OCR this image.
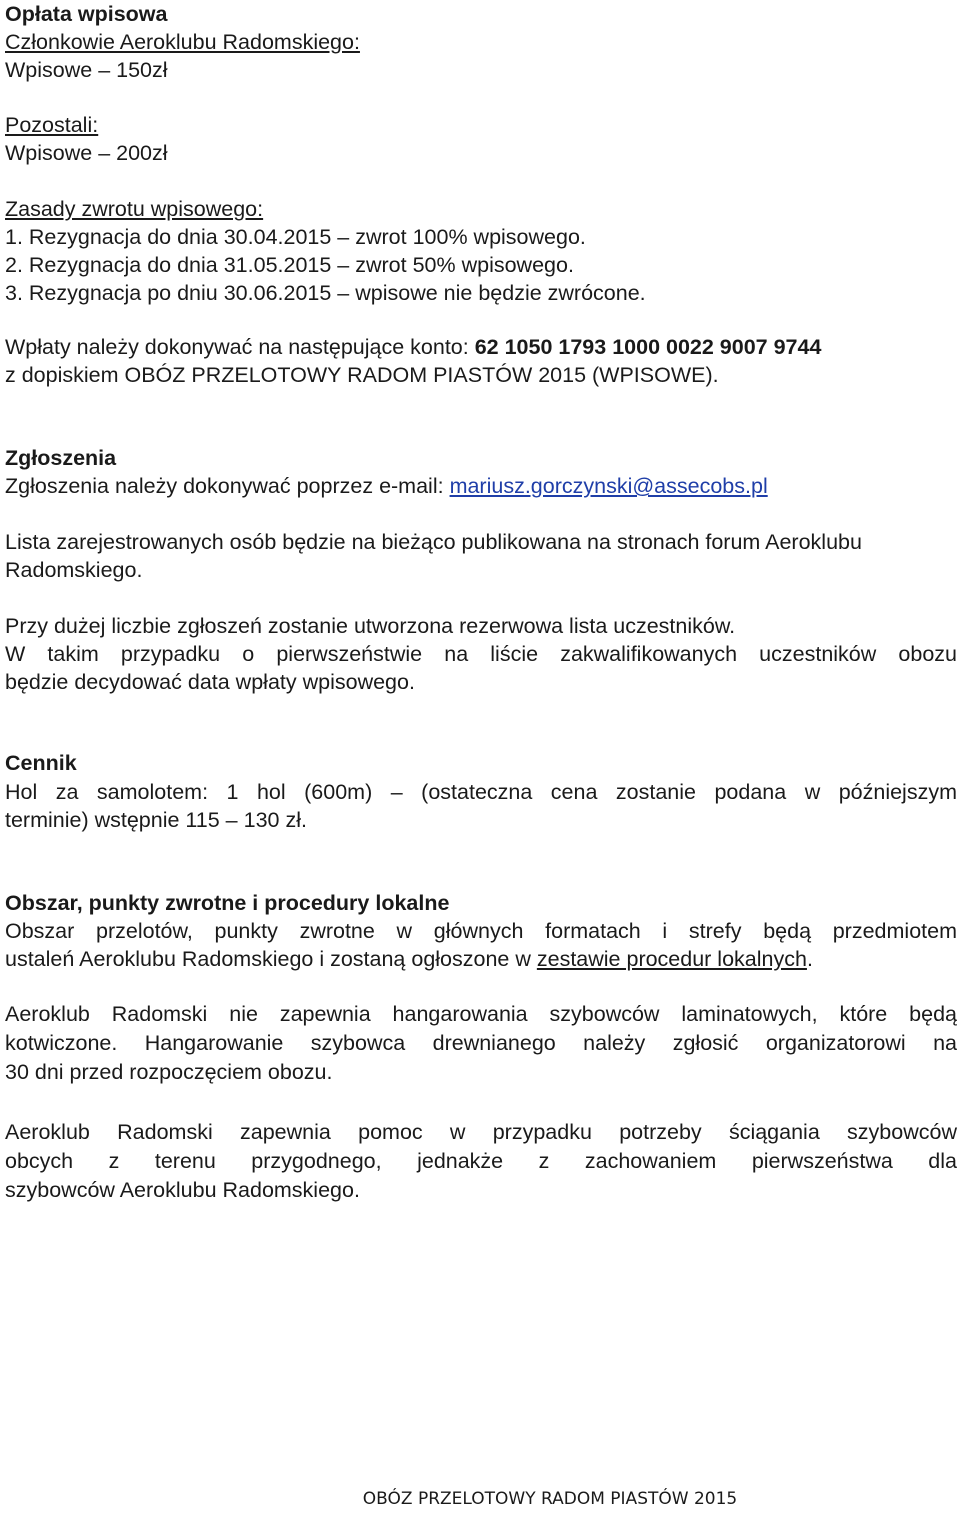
Opłata wpisowa
Członkowie Aeroklubu Radomskiego:
Wpisowe – 150zł
Pozostali:
Wpisowe – 200zł
Zasady zwrotu wpisowego:
1. Rezygnacja do dnia 30.04.2015 – zwrot 100% wpisowego.
2. Rezygnacja do dnia 31.05.2015 – zwrot 50% wpisowego.
3. Rezygnacja po dniu 30.06.2015 – wpisowe nie będzie zwrócone.
Wpłaty należy dokonywać na następujące konto: 62 1050 1793 1000 0022 9007 9744
z dopiskiem OBÓZ PRZELOTOWY RADOM PIASTÓW 2015 (WPISOWE).
Zgłoszenia
Zgłoszenia należy dokonywać poprzez e-mail: mariusz.gorczynski@assecobs.pl
Lista zarejestrowanych osób będzie na bieżąco publikowana na stronach forum Aeroklubu
Radomskiego.
Przy dużej liczbie zgłoszeń zostanie utworzona rezerwowa lista uczestników.
W takim przypadku o pierwszeństwie na liście zakwalifikowanych uczestników obozu
będzie decydować data wpłaty wpisowego.
Cennik
Hol za samolotem: 1 hol (600m) – (ostateczna cena zostanie podana w późniejszym
terminie) wstępnie 115 – 130 zł.
Obszar, punkty zwrotne i procedury lokalne
Obszar przelotów, punkty zwrotne w głównych formatach i strefy będą przedmiotem
ustaleń Aeroklubu Radomskiego i zostaną ogłoszone w zestawie procedur lokalnych.
Aeroklub Radomski nie zapewnia hangarowania szybowców laminatowych, które będą
kotwiczone. Hangarowanie szybowca drewnianego należy zgłosić organizatorowi na
30 dni przed rozpoczęciem obozu.
Aeroklub Radomski zapewnia pomoc w przypadku potrzeby ściągania szybowców
obcych z terenu przygodnego, jednakże z zachowaniem pierwszeństwa dla
szybowców Aeroklubu Radomskiego.
OBÓZ PRZELOTOWY RADOM PIASTÓW 2015
